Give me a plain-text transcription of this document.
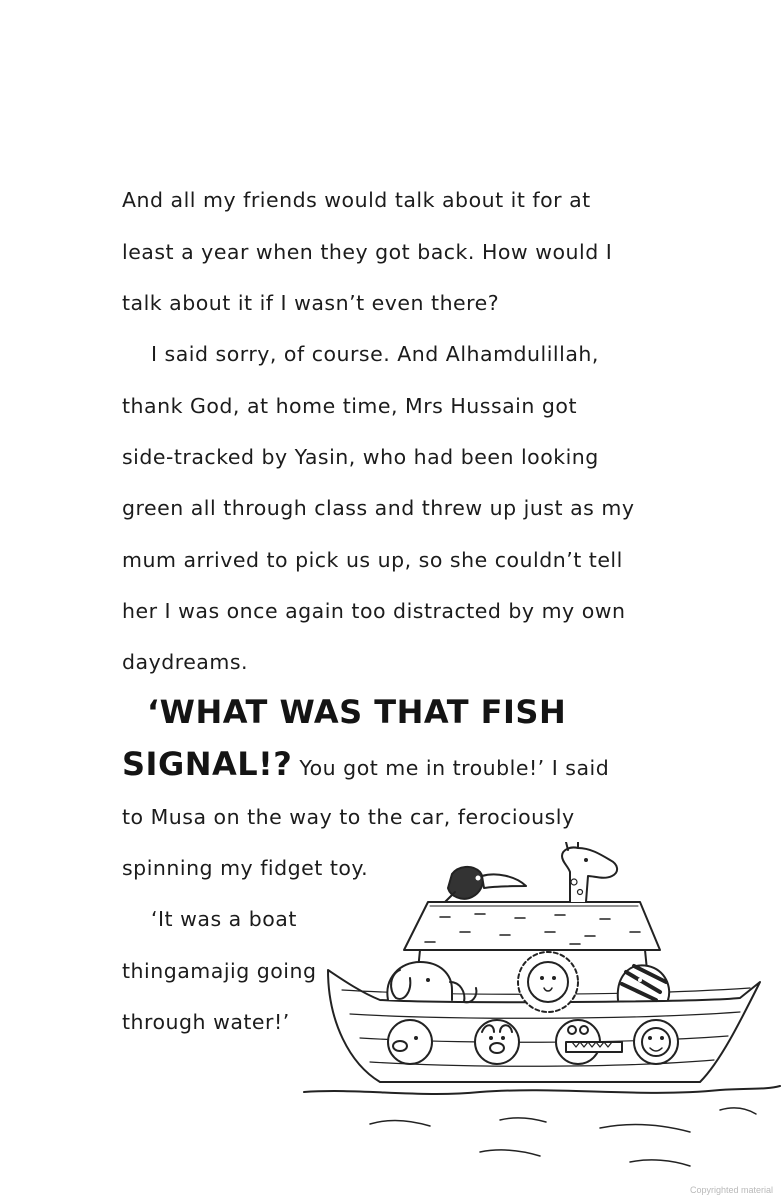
And all my friends would talk about it for at
least a year when they got back. How would I
talk about it if I wasn’t even there?
I said sorry, of course. And Alhamdulillah,
thank God, at home time, Mrs Hussain got
side-tracked by Yasin, who had been looking
green all through class and threw up just as my
mum arrived to pick us up, so she couldn’t tell
her I was once again too distracted by my own
daydreams.
‘WHAT WAS THAT FISH
SIGNAL!? You got me in trouble!’ I said
to Musa on the way to the car, ferociously
spinning my fidget toy.
‘It was a boat
thingamajig going
through water!’
Copyrighted material
